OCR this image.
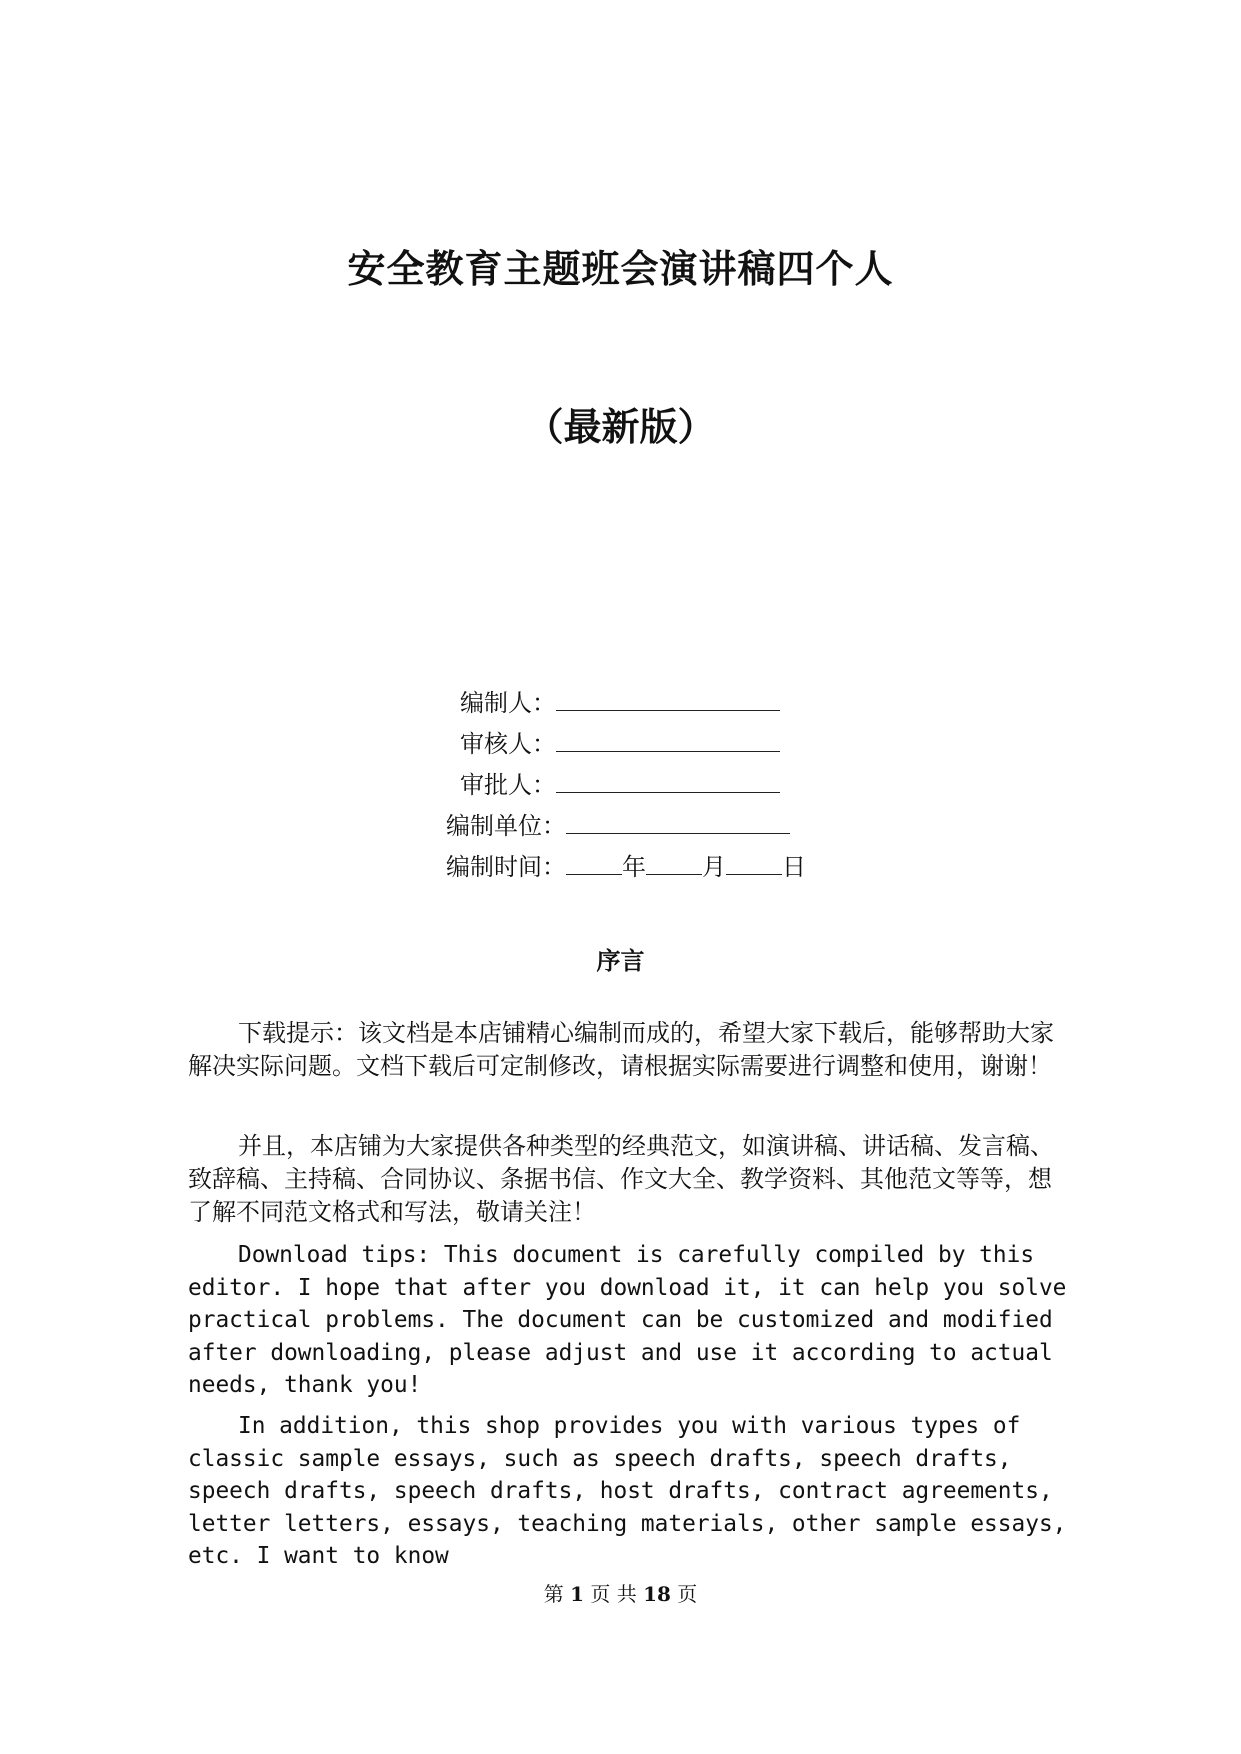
安全教育主题班会演讲稿四个人
（最新版）
编制人：
审核人：
审批人：
编制单位：
编制时间： 年 月 日
序言

下载提示：该文档是本店铺精心编制而成的，希望大家下载后，能够帮助大家解决实际问题。文档下载后可定制修改，请根据实际需要进行调整和使用，谢谢！

并且，本店铺为大家提供各种类型的经典范文，如演讲稿、讲话稿、发言稿、致辞稿、主持稿、合同协议、条据书信、作文大全、教学资料、其他范文等等，想了解不同范文格式和写法，敬请关注！

Download tips: This document is carefully compiled by this editor. I hope that after you download it, it can help you solve practical problems. The document can be customized and modified after downloading, please adjust and use it according to actual needs, thank you!

In addition, this shop provides you with various types of classic sample essays, such as speech drafts, speech drafts, speech drafts, speech drafts, host drafts, contract agreements, letter letters, essays, teaching materials, other sample essays, etc. I want to know

第 1 页 共 18 页
